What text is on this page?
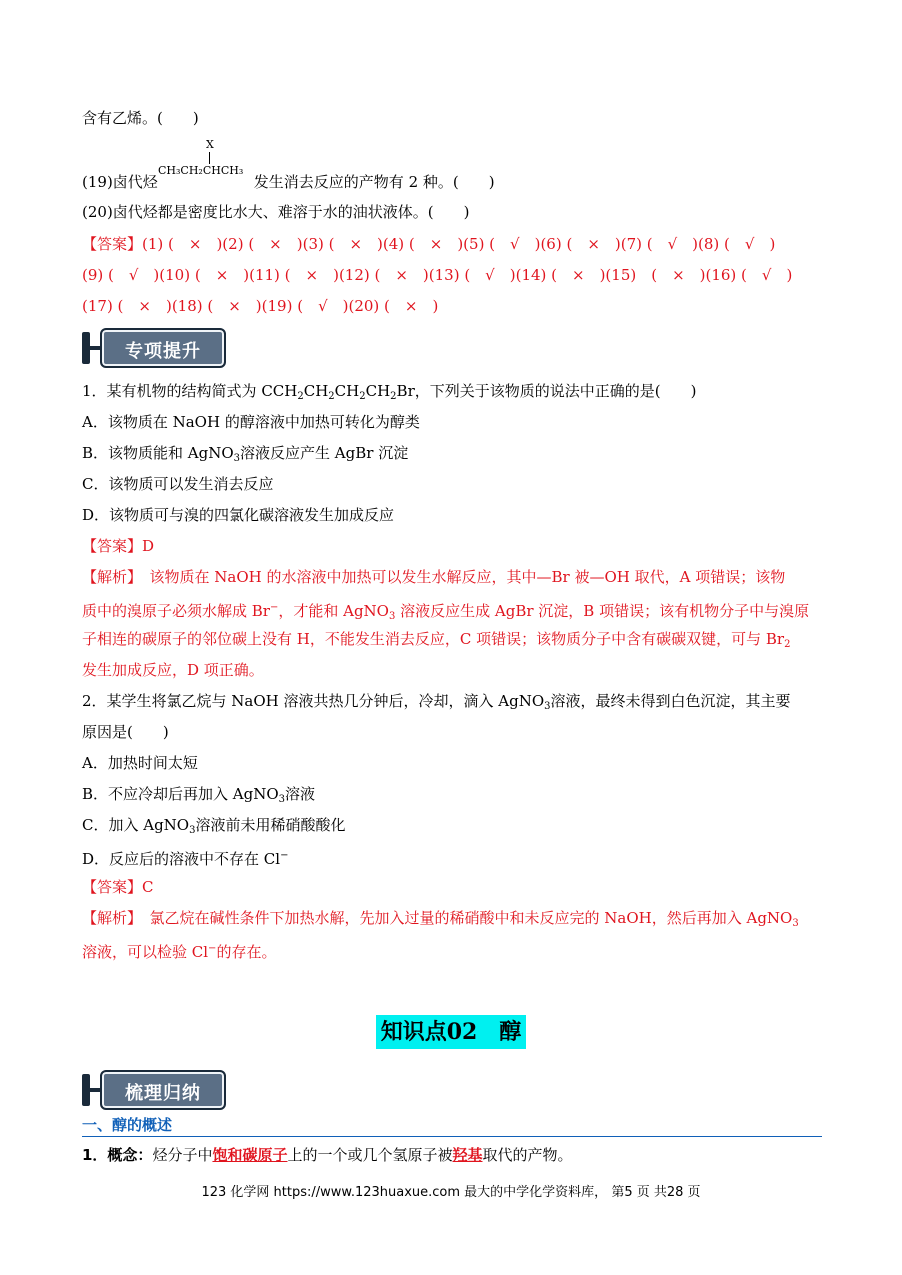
含有乙烯。(　　)
X
CH₃CH₂CHCH₃
(19)卤代烃	发生消去反应的产物有 2 种。(　　)
(20)卤代烃都是密度比水大、难溶于水的油状液体。(　　)
【答案】(1) (　×　)(2) (　×　)(3) (　×　)(4) (　×　)(5) (　√　)(6) (　×　)(7) (　√　)(8) (　√　)
(9) (　√　)(10) (　×　)(11) (　×　)(12) (　×　)(13) (　√　)(14) (　×　)(15)　(　×　)(16) (　√　)
(17) (　×　)(18) (　×　)(19) (　√　)(20) (　×　)
专项提升
1．某有机物的结构简式为 $CCH_2CH_2CH_2CH_2Br$，下列关于该物质的说法中正确的是(　　)
A．该物质在 NaOH 的醇溶液中加热可转化为醇类
B．该物质能和 AgNO$_3$溶液反应产生 AgBr 沉淀
C．该物质可以发生消去反应
D．该物质可与溴的四氯化碳溶液发生加成反应
【答案】D
【解析】　该物质在 NaOH 的水溶液中加热可以发生水解反应，其中—Br 被—OH 取代，A 项错误；该物
质中的溴原子必须水解成 Br−，才能和 AgNO$_3$ 溶液反应生成 AgBr 沉淀，B 项错误；该有机物分子中与溴原
子相连的碳原子的邻位碳上没有 H，不能发生消去反应，C 项错误；该物质分子中含有碳碳双键，可与 $Br_2$
发生加成反应，D 项正确。
2．某学生将氯乙烷与 NaOH 溶液共热几分钟后，冷却，滴入 AgNO$_3$溶液，最终未得到白色沉淀，其主要
原因是(　　)
A．加热时间太短
B．不应冷却后再加入 AgNO$_3$溶液
C．加入 AgNO$_3$溶液前未用稀硝酸酸化
D．反应后的溶液中不存在 Cl−
【答案】C
【解析】　氯乙烷在碱性条件下加热水解，先加入过量的稀硝酸中和未反应完的 NaOH，然后再加入 AgNO$_3$
溶液，可以检验 Cl−的存在。
知识点02　醇
梳理归纳
一、醇的概述
1．概念：烃分子中饱和碳原子上的一个或几个氢原子被羟基取代的产物。
123 化学网 https://www.123huaxue.com 最大的中学化学资料库， 第5 页 共28 页
